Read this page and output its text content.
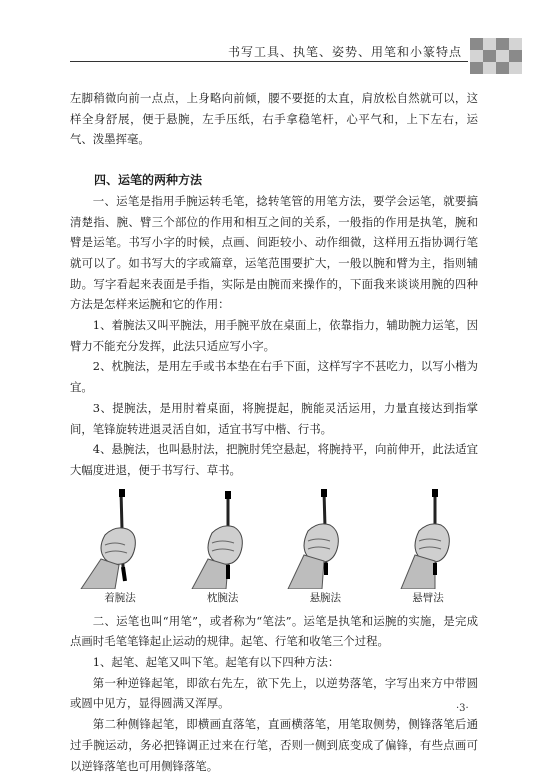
书写工具、执笔、姿势、用笔和小篆特点

左脚稍微向前一点点，上身略向前倾，腰不要挺的太直，肩放松自然就可以，这样全身舒展，便于悬腕，左手压纸，右手拿稳笔杆，心平气和，上下左右，运气、泼墨挥毫。

四、运笔的两种方法

一、运笔是指用手腕运转毛笔，捻转笔管的用笔方法，要学会运笔，就要搞清楚指、腕、臂三个部位的作用和相互之间的关系，一般指的作用是执笔，腕和臂是运笔。书写小字的时候，点画、间距较小、动作细微，这样用五指协调行笔就可以了。如书写大的字或篇章，运笔范围要扩大，一般以腕和臂为主，指则辅助。写字看起来表面是手指，实际是由腕而来操作的，下面我来谈谈用腕的四种方法是怎样来运腕和它的作用：

1、着腕法又叫平腕法，用手腕平放在桌面上，依靠指力，辅助腕力运笔，因臂力不能充分发挥，此法只适应写小字。

2、枕腕法，是用左手或书本垫在右手下面，这样写字不甚吃力，以写小楷为宜。

3、提腕法，是用肘着桌面，将腕提起，腕能灵活运用，力量直接达到指掌间，笔锋旋转进退灵活自如，适宜书写中楷、行书。

4、悬腕法，也叫悬肘法，把腕肘凭空悬起，将腕持平，向前伸开，此法适宜大幅度进退，便于书写行、草书。

着腕法	枕腕法	悬腕法	悬臂法

二、运笔也叫“用笔”，或者称为“笔法”。运笔是执笔和运腕的实施，是完成点画时毛笔笔锋起止运动的规律。起笔、行笔和收笔三个过程。

1、起笔、起笔又叫下笔。起笔有以下四种方法：

第一种逆锋起笔，即欲右先左，欲下先上，以逆势落笔，字写出来方中带圆或圆中见方，显得圆满又浑厚。

第二种侧锋起笔，即横画直落笔，直画横落笔，用笔取侧势，侧锋落笔后通过手腕运动，务必把锋调正过来在行笔，否则一侧到底变成了偏锋，有些点画可以逆锋落笔也可用侧锋落笔。

·3·
